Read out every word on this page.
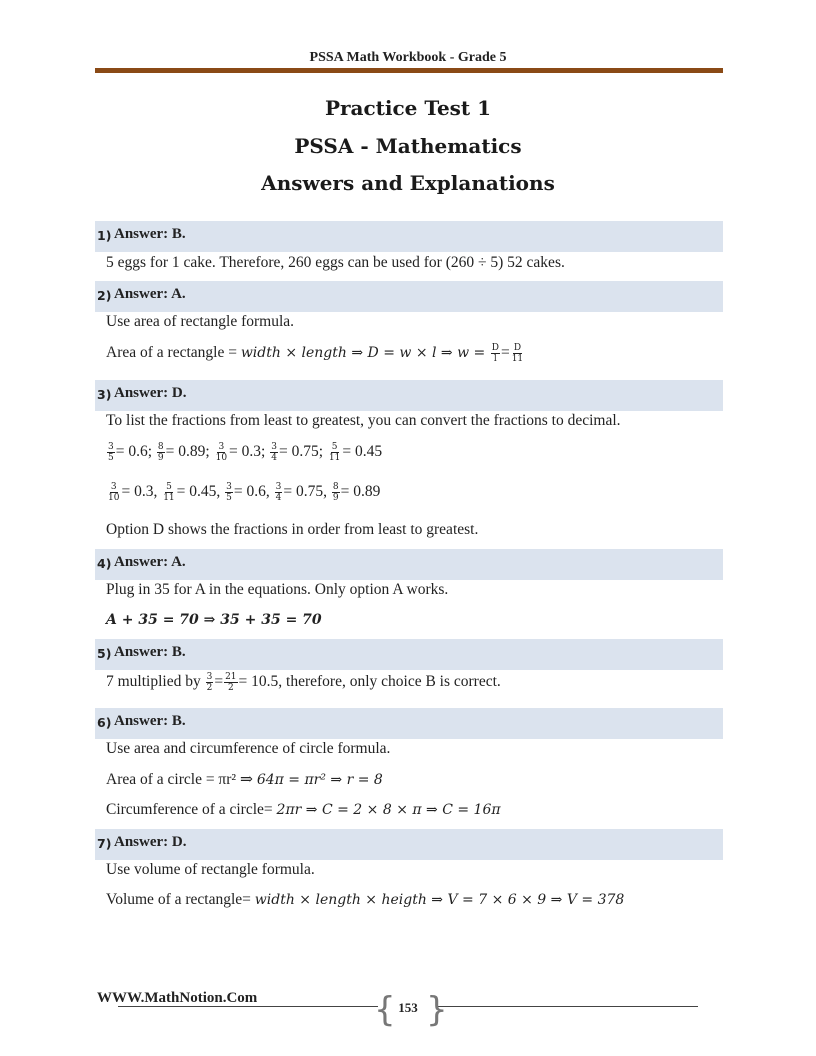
PSSA Math Workbook - Grade 5
Practice Test 1
PSSA - Mathematics
Answers and Explanations
1) Answer: B.
5 eggs for 1 cake. Therefore, 260 eggs can be used for (260 ÷ 5) 52 cakes.
2) Answer: A.
Use area of rectangle formula.
Area of a rectangle = width × length ⇒ D = w × l ⇒ $w = \frac{D}{l} = \frac{D}{11}$
3) Answer: D.
To list the fractions from least to greatest, you can convert the fractions to decimal.
$\frac{3}{5} = 0.6$; $\frac{8}{9} = 0.89$; $\frac{3}{10} = 0.3$; $\frac{3}{4} = 0.75$; $\frac{5}{11} = 0.45$
$\frac{3}{10} = 0.3$, $\frac{5}{11} = 0.45$, $\frac{3}{5} = 0.6$, $\frac{3}{4} = 0.75$, $\frac{8}{9} = 0.89$
Option D shows the fractions in order from least to greatest.
4) Answer: A.
Plug in 35 for A in the equations. Only option A works.
A + 35 = 70 ⇒ 35 + 35 = 70
5) Answer: B.
7 multiplied by $\frac{3}{2} = \frac{21}{2} = 10.5$, therefore, only choice B is correct.
6) Answer: B.
Use area and circumference of circle formula.
Area of a circle = πr² ⇒ 64π = πr² ⇒ r = 8
Circumference of a circle= 2πr ⇒ C = 2 × 8 × π ⇒ C = 16π
7) Answer: D.
Use volume of rectangle formula.
Volume of a rectangle= width × length × heigth ⇒ V = 7 × 6 × 9 ⇒ V = 378
WWW.MathNotion.Com	{ }
153
